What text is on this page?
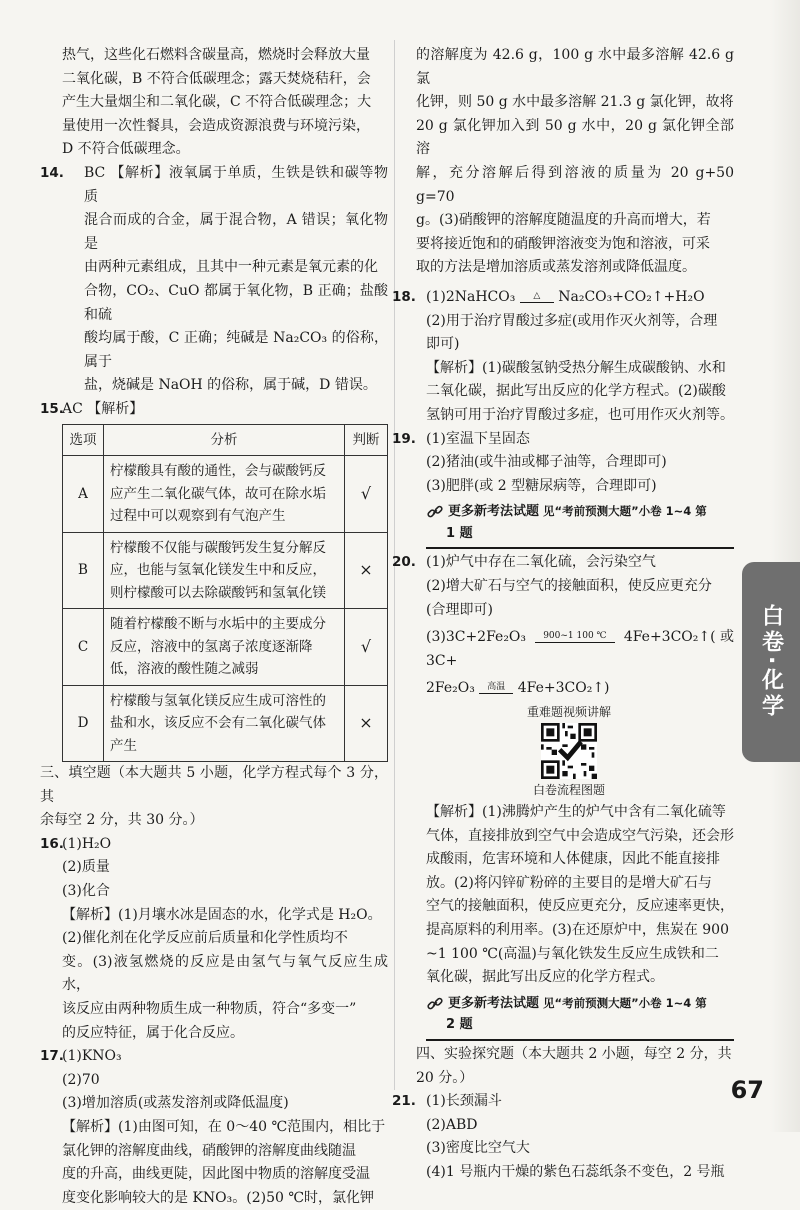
热气，这些化石燃料含碳量高，燃烧时会释放大量

二氧化碳，B 不符合低碳理念；露天焚烧秸秆，会

产生大量烟尘和二氧化碳，C 不符合低碳理念；大

量使用一次性餐具，会造成资源浪费与环境污染，

D 不符合低碳理念。

14.	BC 【解析】液氧属于单质，生铁是铁和碳等物质

混合而成的合金，属于混合物，A 错误；氧化物是

由两种元素组成，且其中一种元素是氧元素的化

合物，CO₂、CuO 都属于氧化物，B 正确；盐酸和硫

酸均属于酸，C 正确；纯碱是 Na₂CO₃ 的俗称，属于

盐，烧碱是 NaOH 的俗称，属于碱，D 错误。

15.

AC 【解析】

选项	分析	判断
A	柠檬酸具有酸的通性，会与碳酸钙反应产生二氧化碳气体，故可在除水垢过程中可以观察到有气泡产生	√
B	柠檬酸不仅能与碳酸钙发生复分解反应，也能与氢氧化镁发生中和反应，则柠檬酸可以去除碳酸钙和氢氧化镁	×
C	随着柠檬酸不断与水垢中的主要成分反应，溶液中的氢离子浓度逐渐降低，溶液的酸性随之减弱	√
D	柠檬酸与氢氧化镁反应生成可溶性的盐和水，该反应不会有二氧化碳气体产生	×

三、填空题（本大题共 5 小题，化学方程式每个 3 分，其

余每空 2 分，共 30 分。）

16.

(1)H₂O

(2)质量

(3)化合

【解析】(1)月壤水冰是固态的水，化学式是 H₂O。

(2)催化剂在化学反应前后质量和化学性质均不

变。(3)液氢燃烧的反应是由氢气与氧气反应生成水，

该反应由两种物质生成一种物质，符合“多变一”

的反应特征，属于化合反应。

17.

(1)KNO₃

(2)70

(3)增加溶质(或蒸发溶剂或降低温度)

【解析】(1)由图可知，在 0～40 ℃范围内，相比于

氯化钾的溶解度曲线，硝酸钾的溶解度曲线随温

度的升高，曲线更陡，因此图中物质的溶解度受温

度变化影响较大的是 KNO₃。(2)50 ℃时，氯化钾

的溶解度为 42.6 g，100 g 水中最多溶解 42.6 g 氯

化钾，则 50 g 水中最多溶解 21.3 g 氯化钾，故将

20 g 氯化钾加入到 50 g 水中，20 g 氯化钾全部溶

解，充分溶解后得到溶液的质量为 20 g+50 g=70

g。(3)硝酸钾的溶解度随温度的升高而增大，若

要将接近饱和的硝酸钾溶液变为饱和溶液，可采

取的方法是增加溶质或蒸发溶剂或降低温度。

18. (1)2NaHCO₃ △ Na₂CO₃+CO₂↑+H₂O

(2)用于治疗胃酸过多症(或用作灭火剂等，合理

即可)

【解析】(1)碳酸氢钠受热分解生成碳酸钠、水和

二氧化碳，据此写出反应的化学方程式。(2)碳酸

氢钠可用于治疗胃酸过多症，也可用作灭火剂等。

19. (1)室温下呈固态

(2)猪油(或牛油或椰子油等，合理即可)

(3)肥胖(或 2 型糖尿病等，合理即可)

更多新考法试题 见“考前预测大题”小卷 1~4 第
1 题
20. (1)炉气中存在二氧化硫，会污染空气

(2)增大矿石与空气的接触面积，使反应更充分

(合理即可)

(3)3C+2Fe₂O₃ 900~1 100 ℃ 4Fe+3CO₂↑(或 3C+

2Fe₂O₃ 高温 4Fe+3CO₂↑)

重难题视频讲解
白卷流程图题

【解析】(1)沸腾炉产生的炉气中含有二氧化硫等

气体，直接排放到空气中会造成空气污染，还会形

成酸雨，危害环境和人体健康，因此不能直接排

放。(2)将闪锌矿粉碎的主要目的是增大矿石与

空气的接触面积，使反应更充分，反应速率更快，

提高原料的利用率。(3)在还原炉中，焦炭在 900

~1 100 ℃(高温)与氧化铁发生反应生成铁和二

氧化碳，据此写出反应的化学方程式。

更多新考法试题 见“考前预测大题”小卷 1~4 第
2 题

四、实验探究题（本大题共 2 小题，每空 2 分，共

20 分。）

21. (1)长颈漏斗

(2)ABD

(3)密度比空气大

(4)1 号瓶内干燥的紫色石蕊纸条不变色，2 号瓶

白卷·化学
67
